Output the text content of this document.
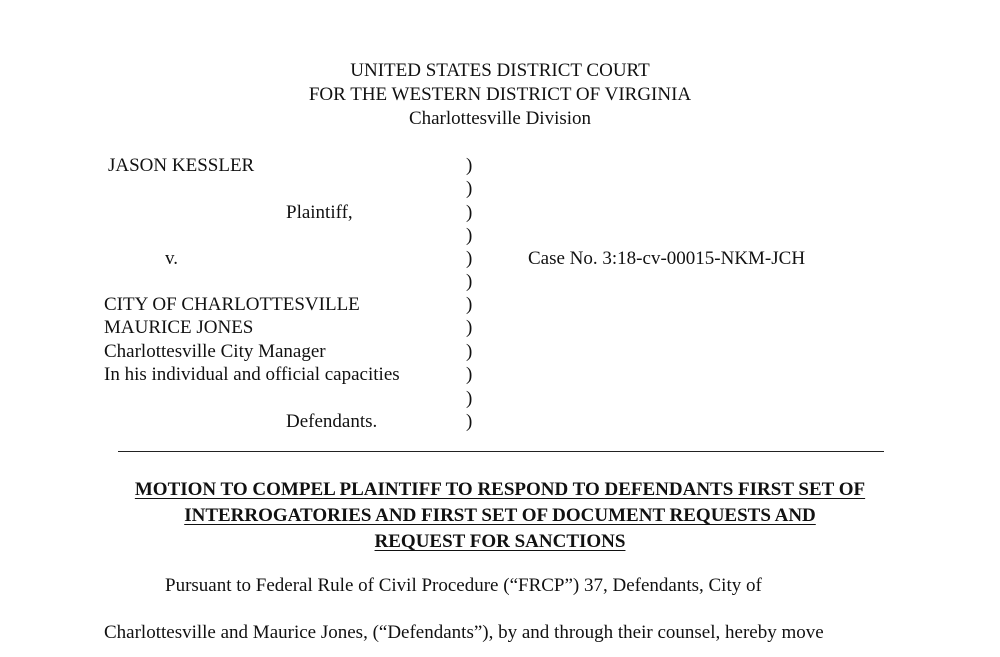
UNITED STATES DISTRICT COURT
FOR THE WESTERN DISTRICT OF VIRGINIA
Charlottesville Division
JASON KESSLER
Plaintiff,
v.
CITY OF CHARLOTTESVILLE
MAURICE JONES
Charlottesville City Manager
In his individual and official capacities
Defendants.
)
)
)
)
)
)
)
)
)
)
)
)
Case No. 3:18-cv-00015-NKM-JCH
MOTION TO COMPEL PLAINTIFF TO RESPOND TO DEFENDANTS FIRST SET OF
INTERROGATORIES AND FIRST SET OF DOCUMENT REQUESTS AND
REQUEST FOR SANCTIONS
Pursuant to Federal Rule of Civil Procedure (“FRCP”) 37, Defendants, City of
Charlottesville and Maurice Jones, (“Defendants”), by and through their counsel, hereby move
